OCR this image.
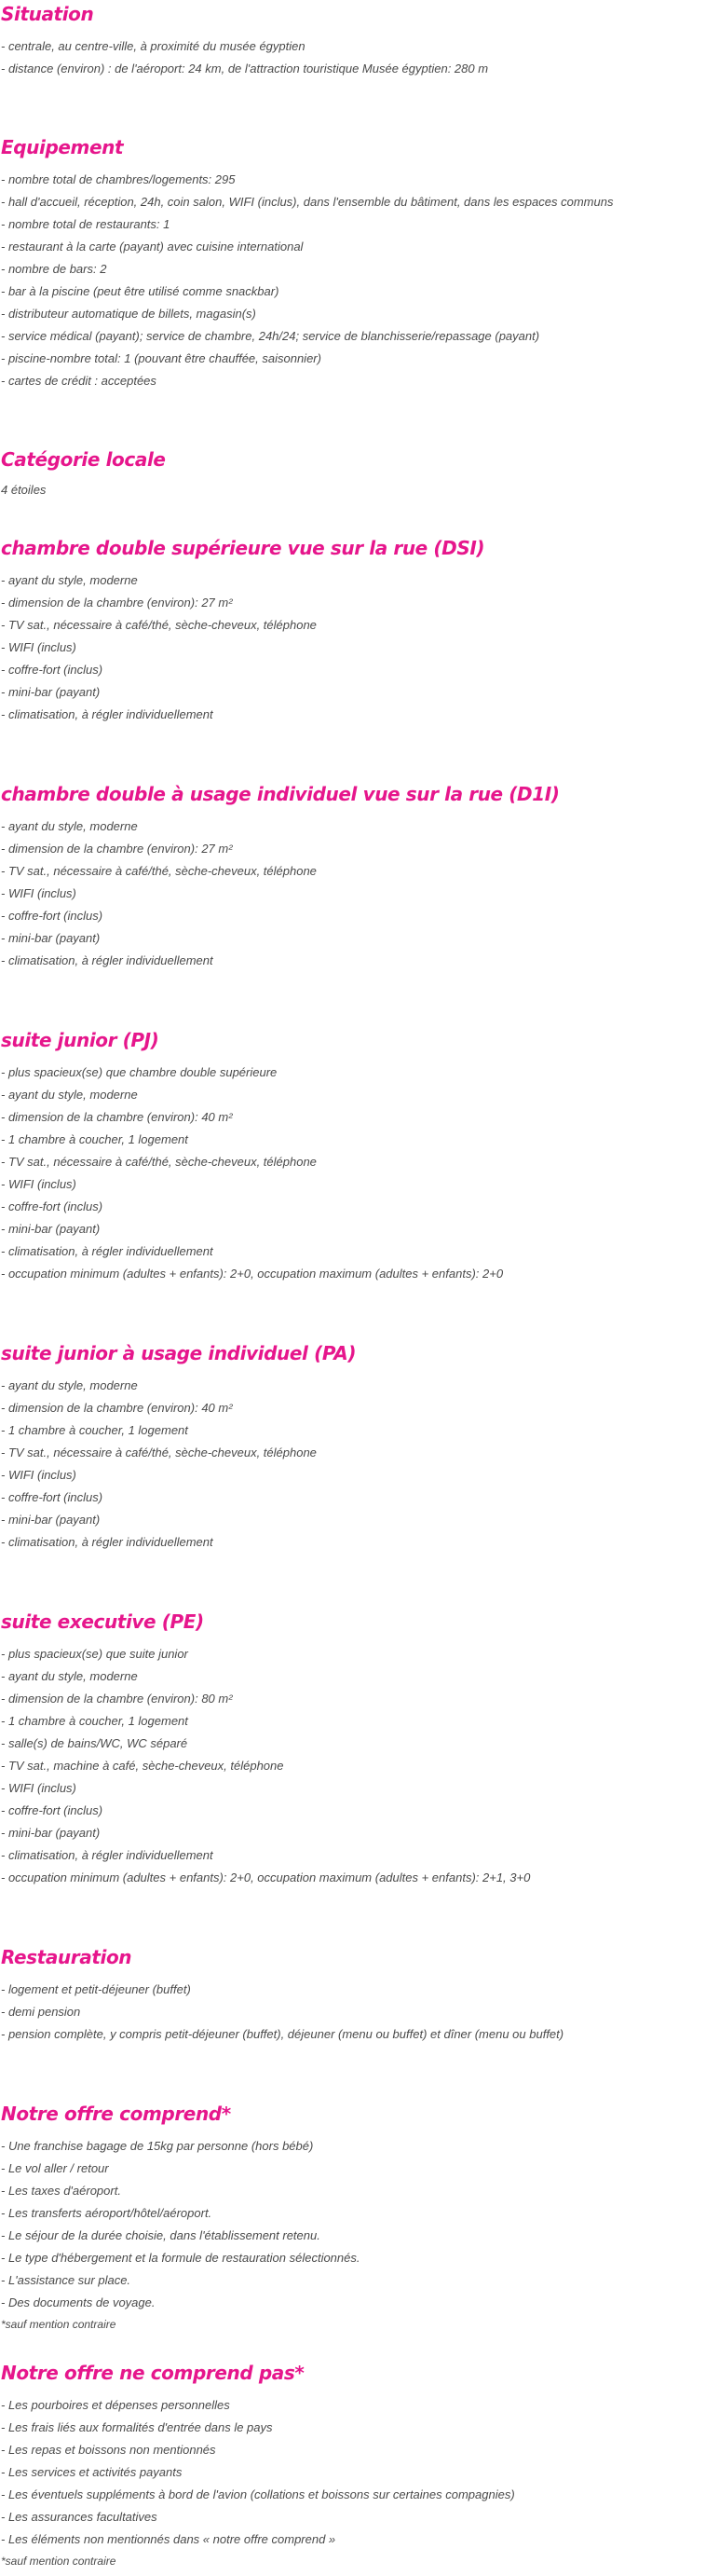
Situation
- centrale, au centre-ville, à proximité du musée égyptien
- distance (environ) : de l'aéroport: 24 km, de l'attraction touristique Musée égyptien: 280 m
Equipement
- nombre total de chambres/logements: 295
- hall d'accueil, réception, 24h, coin salon, WIFI (inclus), dans l'ensemble du bâtiment, dans les espaces communs
- nombre total de restaurants: 1
- restaurant à la carte (payant) avec cuisine international
- nombre de bars: 2
- bar à la piscine (peut être utilisé comme snackbar)
- distributeur automatique de billets, magasin(s)
- service médical (payant); service de chambre, 24h/24; service de blanchisserie/repassage (payant)
- piscine-nombre total: 1 (pouvant être chauffée, saisonnier)
- cartes de crédit : acceptées
Catégorie locale
4 étoiles
chambre double supérieure vue sur la rue (DSI)
- ayant du style, moderne
- dimension de la chambre (environ): 27 m²
- TV sat., nécessaire à café/thé, sèche-cheveux, téléphone
- WIFI (inclus)
- coffre-fort (inclus)
- mini-bar (payant)
- climatisation, à régler individuellement
chambre double à usage individuel vue sur la rue (D1I)
- ayant du style, moderne
- dimension de la chambre (environ): 27 m²
- TV sat., nécessaire à café/thé, sèche-cheveux, téléphone
- WIFI (inclus)
- coffre-fort (inclus)
- mini-bar (payant)
- climatisation, à régler individuellement
suite junior (PJ)
- plus spacieux(se) que chambre double supérieure
- ayant du style, moderne
- dimension de la chambre (environ): 40 m²
- 1 chambre à coucher, 1 logement
- TV sat., nécessaire à café/thé, sèche-cheveux, téléphone
- WIFI (inclus)
- coffre-fort (inclus)
- mini-bar (payant)
- climatisation, à régler individuellement
- occupation minimum (adultes + enfants): 2+0, occupation maximum (adultes + enfants): 2+0
suite junior à usage individuel (PA)
- ayant du style, moderne
- dimension de la chambre (environ): 40 m²
- 1 chambre à coucher, 1 logement
- TV sat., nécessaire à café/thé, sèche-cheveux, téléphone
- WIFI (inclus)
- coffre-fort (inclus)
- mini-bar (payant)
- climatisation, à régler individuellement
suite executive (PE)
- plus spacieux(se) que suite junior
- ayant du style, moderne
- dimension de la chambre (environ): 80 m²
- 1 chambre à coucher, 1 logement
- salle(s) de bains/WC, WC séparé
- TV sat., machine à café, sèche-cheveux, téléphone
- WIFI (inclus)
- coffre-fort (inclus)
- mini-bar (payant)
- climatisation, à régler individuellement
- occupation minimum (adultes + enfants): 2+0, occupation maximum (adultes + enfants): 2+1, 3+0
Restauration
- logement et petit-déjeuner (buffet)
- demi pension
- pension complète, y compris petit-déjeuner (buffet), déjeuner (menu ou buffet) et dîner (menu ou buffet)
Notre offre comprend*
- Une franchise bagage de 15kg par personne (hors bébé)
- Le vol aller / retour
- Les taxes d'aéroport.
- Les transferts aéroport/hôtel/aéroport.
- Le séjour de la durée choisie, dans l'établissement retenu.
- Le type d'hébergement et la formule de restauration sélectionnés.
- L'assistance sur place.
- Des documents de voyage.
*sauf mention contraire
Notre offre ne comprend pas*
- Les pourboires et dépenses personnelles
- Les frais liés aux formalités d'entrée dans le pays
- Les repas et boissons non mentionnés
- Les services et activités payants
- Les éventuels suppléments à bord de l'avion (collations et boissons sur certaines compagnies)
- Les assurances facultatives
- Les éléments non mentionnés dans « notre offre comprend »
*sauf mention contraire
